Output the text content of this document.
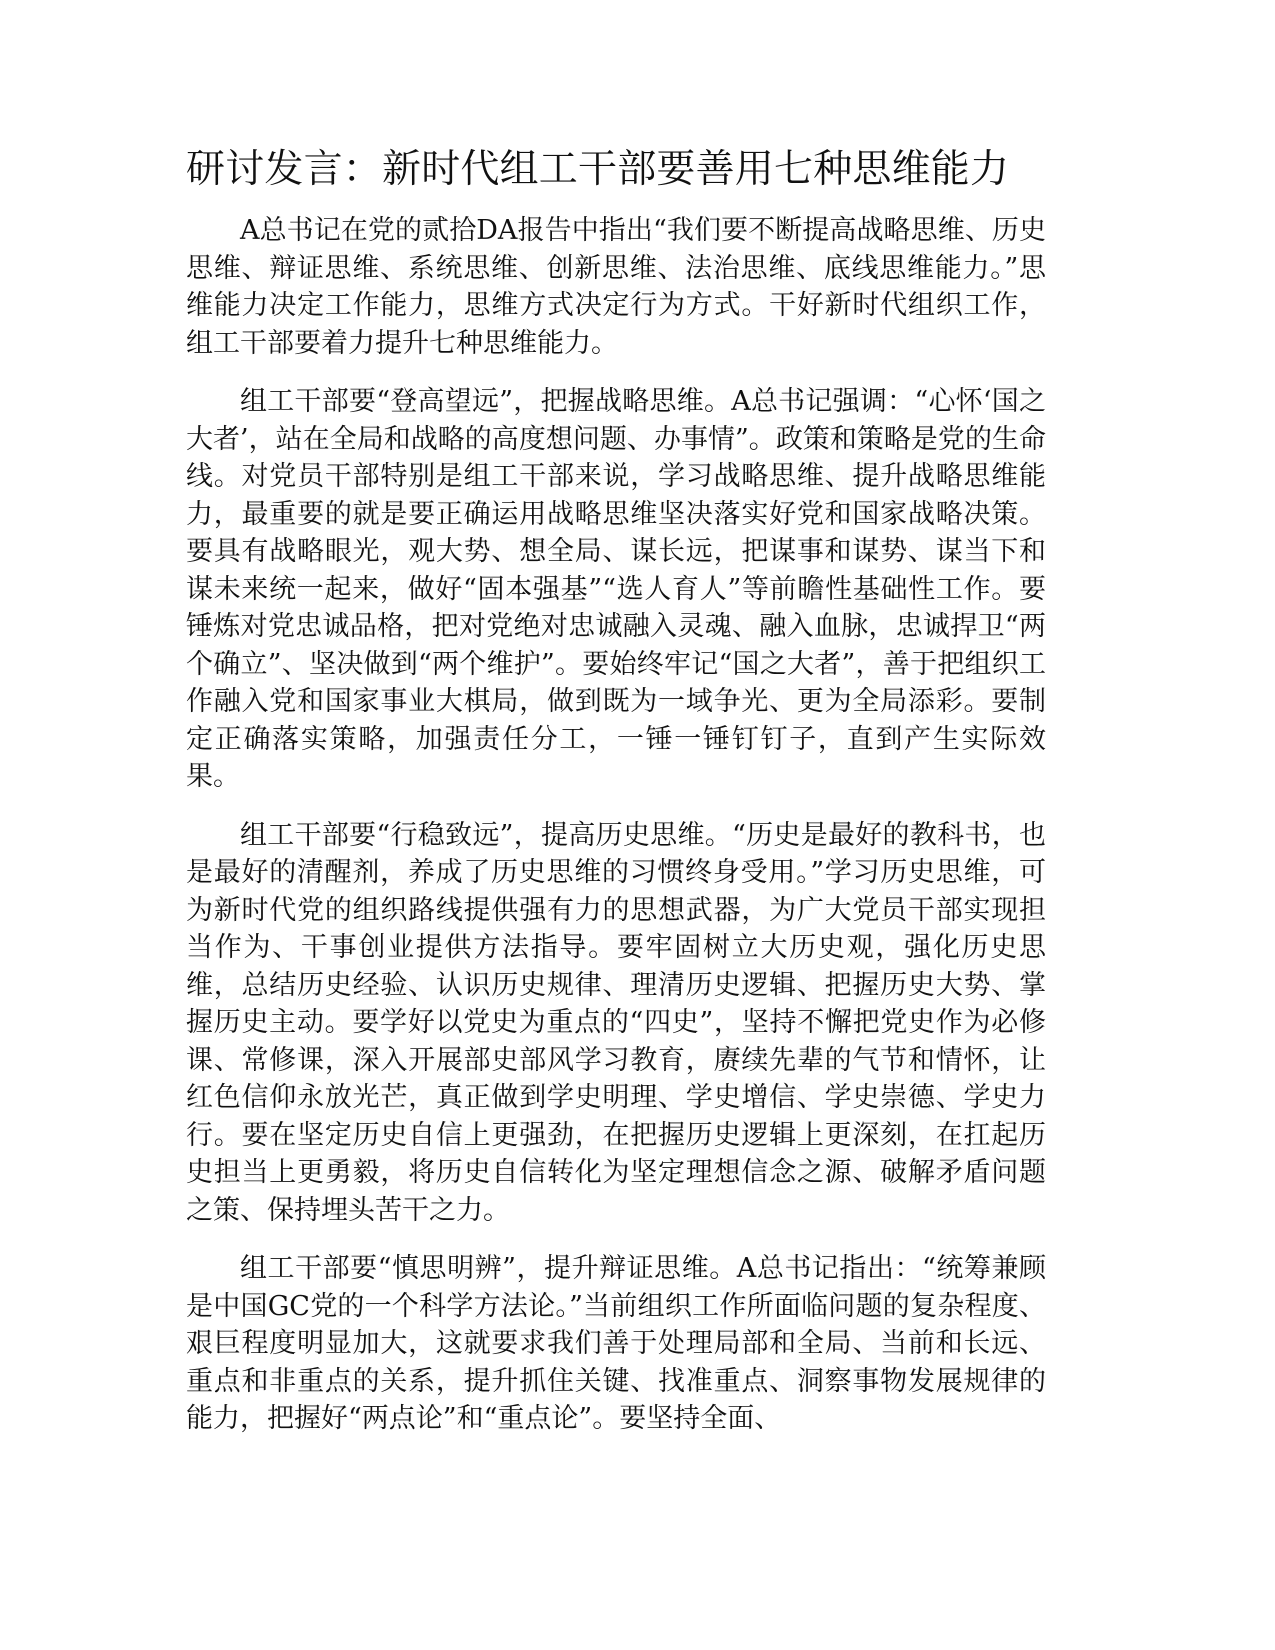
研讨发言：新时代组工干部要善用七种思维能力

A总书记在党的贰拾DA报告中指出“我们要不断提高战略思维、历史思维、辩证思维、系统思维、创新思维、法治思维、底线思维能力。”思维能力决定工作能力，思维方式决定行为方式。干好新时代组织工作，组工干部要着力提升七种思维能力。

组工干部要“登高望远”，把握战略思维。A总书记强调：“心怀‘国之大者’，站在全局和战略的高度想问题、办事情”。政策和策略是党的生命线。对党员干部特别是组工干部来说，学习战略思维、提升战略思维能力，最重要的就是要正确运用战略思维坚决落实好党和国家战略决策。要具有战略眼光，观大势、想全局、谋长远，把谋事和谋势、谋当下和谋未来统一起来，做好“固本强基”“选人育人”等前瞻性基础性工作。要锤炼对党忠诚品格，把对党绝对忠诚融入灵魂、融入血脉，忠诚捍卫“两个确立”、坚决做到“两个维护”。要始终牢记“国之大者”，善于把组织工作融入党和国家事业大棋局，做到既为一域争光、更为全局添彩。要制定正确落实策略，加强责任分工，一锤一锤钉钉子，直到产生实际效果。

组工干部要“行稳致远”，提高历史思维。“历史是最好的教科书，也是最好的清醒剂，养成了历史思维的习惯终身受用。”学习历史思维，可为新时代党的组织路线提供强有力的思想武器，为广大党员干部实现担当作为、干事创业提供方法指导。要牢固树立大历史观，强化历史思维，总结历史经验、认识历史规律、理清历史逻辑、把握历史大势、掌握历史主动。要学好以党史为重点的“四史”，坚持不懈把党史作为必修课、常修课，深入开展部史部风学习教育，赓续先辈的气节和情怀，让红色信仰永放光芒，真正做到学史明理、学史增信、学史崇德、学史力行。要在坚定历史自信上更强劲，在把握历史逻辑上更深刻，在扛起历史担当上更勇毅，将历史自信转化为坚定理想信念之源、破解矛盾问题之策、保持埋头苦干之力。

组工干部要“慎思明辨”，提升辩证思维。A总书记指出：“统筹兼顾是中国GC党的一个科学方法论。”当前组织工作所面临问题的复杂程度、艰巨程度明显加大，这就要求我们善于处理局部和全局、当前和长远、重点和非重点的关系，提升抓住关键、找准重点、洞察事物发展规律的能力，把握好“两点论”和“重点论”。要坚持全面、
